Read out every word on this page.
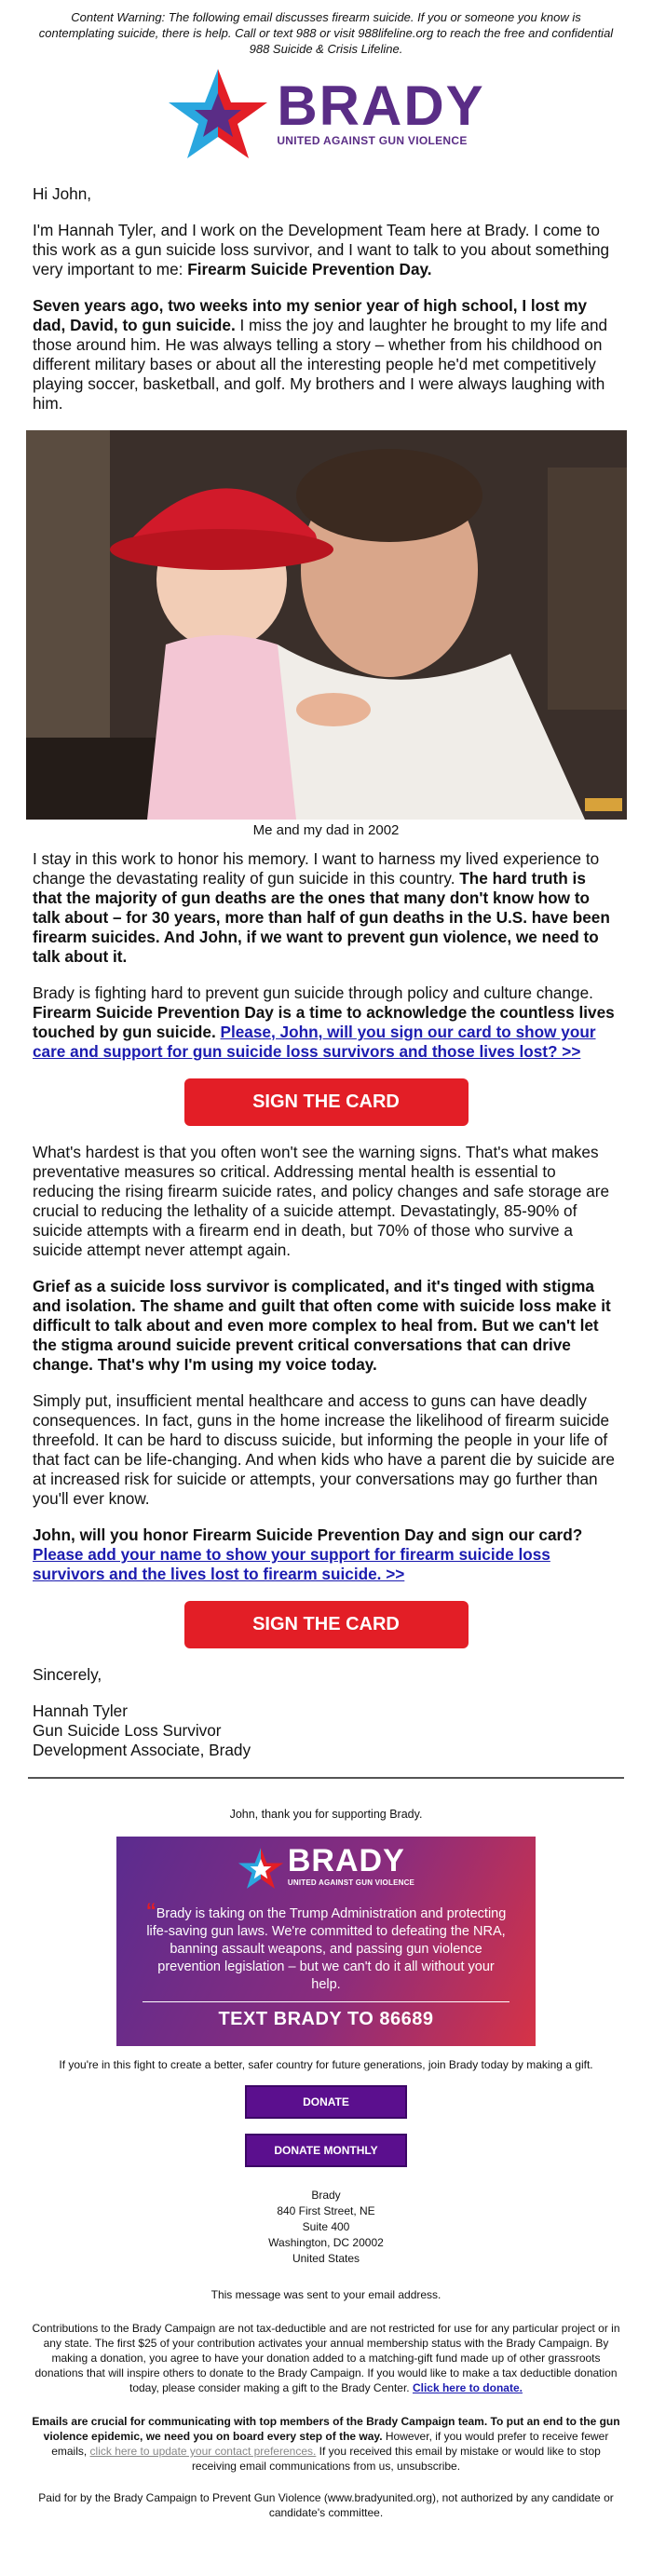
Content Warning: The following email discusses firearm suicide. If you or someone you know is contemplating suicide, there is help. Call or text 988 or visit 988lifeline.org to reach the free and confidential 988 Suicide & Crisis Lifeline.
BRADY
UNITED AGAINST GUN VIOLENCE

Hi John,

I'm Hannah Tyler, and I work on the Development Team here at Brady. I come to this work as a gun suicide loss survivor, and I want to talk to you about something very important to me: Firearm Suicide Prevention Day.

Seven years ago, two weeks into my senior year of high school, I lost my dad, David, to gun suicide. I miss the joy and laughter he brought to my life and those around him. He was always telling a story – whether from his childhood on different military bases or about all the interesting people he'd met competitively playing soccer, basketball, and golf. My brothers and I were always laughing with him.

Me and my dad in 2002

I stay in this work to honor his memory. I want to harness my lived experience to change the devastating reality of gun suicide in this country. The hard truth is that the majority of gun deaths are the ones that many don't know how to talk about – for 30 years, more than half of gun deaths in the U.S. have been firearm suicides. And John, if we want to prevent gun violence, we need to talk about it.

Brady is fighting hard to prevent gun suicide through policy and culture change. Firearm Suicide Prevention Day is a time to acknowledge the countless lives touched by gun suicide. Please, John, will you sign our card to show your care and support for gun suicide loss survivors and those lives lost? >>

SIGN THE CARD

What's hardest is that you often won't see the warning signs. That's what makes preventative measures so critical. Addressing mental health is essential to reducing the rising firearm suicide rates, and policy changes and safe storage are crucial to reducing the lethality of a suicide attempt. Devastatingly, 85-90% of suicide attempts with a firearm end in death, but 70% of those who survive a suicide attempt never attempt again.

Grief as a suicide loss survivor is complicated, and it's tinged with stigma and isolation. The shame and guilt that often come with suicide loss make it difficult to talk about and even more complex to heal from. But we can't let the stigma around suicide prevent critical conversations that can drive change. That's why I'm using my voice today.

Simply put, insufficient mental healthcare and access to guns can have deadly consequences. In fact, guns in the home increase the likelihood of firearm suicide threefold. It can be hard to discuss suicide, but informing the people in your life of that fact can be life-changing. And when kids who have a parent die by suicide are at increased risk for suicide or attempts, your conversations may go further than you'll ever know.

John, will you honor Firearm Suicide Prevention Day and sign our card? Please add your name to show your support for firearm suicide loss survivors and the lives lost to firearm suicide. >>

SIGN THE CARD

Sincerely,

Hannah Tyler
Gun Suicide Loss Survivor
Development Associate, Brady

John, thank you for supporting Brady.
BRADY
UNITED AGAINST GUN VIOLENCE
“Brady is taking on the Trump Administration and protecting life-saving gun laws. We're committed to defeating the NRA, banning assault weapons, and passing gun violence prevention legislation – but we can't do it all without your help.
TEXT BRADY TO 86689
If you're in this fight to create a better, safer country for future generations, join Brady today by making a gift.
DONATE
DONATE MONTHLY
Brady
840 First Street, NE
Suite 400
Washington, DC 20002
United States
This message was sent to your email address.
Contributions to the Brady Campaign are not tax-deductible and are not restricted for use for any particular project or in any state. The first $25 of your contribution activates your annual membership status with the Brady Campaign. By making a donation, you agree to have your donation added to a matching-gift fund made up of other grassroots donations that will inspire others to donate to the Brady Campaign. If you would like to make a tax deductible donation today, please consider making a gift to the Brady Center. Click here to donate.
Emails are crucial for communicating with top members of the Brady Campaign team. To put an end to the gun violence epidemic, we need you on board every step of the way. However, if you would prefer to receive fewer emails, click here to update your contact preferences. If you received this email by mistake or would like to stop receiving email communications from us, unsubscribe.
Paid for by the Brady Campaign to Prevent Gun Violence (www.bradyunited.org), not authorized by any candidate or candidate's committee.
